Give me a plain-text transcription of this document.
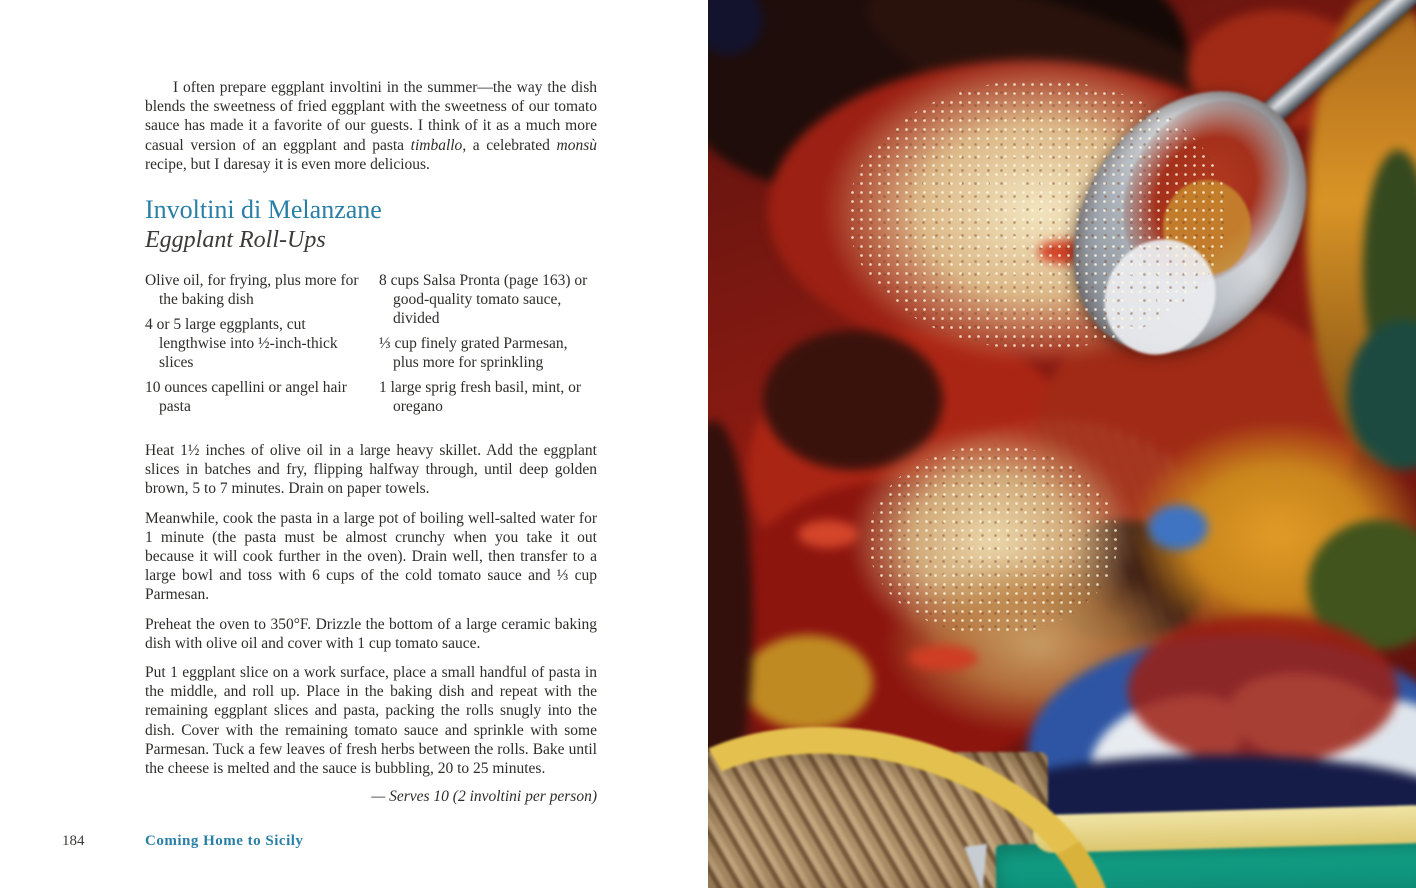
I often prepare eggplant involtini in the summer—the way the dish blends the sweetness of fried eggplant with the sweetness of our tomato sauce has made it a favorite of our guests. I think of it as a much more casual version of an eggplant and pasta timballo, a celebrated monsù recipe, but I daresay it is even more delicious.

Involtini di Melanzane
Eggplant Roll-Ups

Olive oil, for frying, plus more for the baking dish

4 or 5 large eggplants, cut lengthwise into ½-inch-thick slices

10 ounces capellini or angel hair pasta

8 cups Salsa Pronta (page 163) or good-quality tomato sauce, divided

⅓ cup finely grated Parmesan, plus more for sprinkling

1 large sprig fresh basil, mint, or oregano

Heat 1½ inches of olive oil in a large heavy skillet. Add the eggplant slices in batches and fry, flipping halfway through, until deep golden brown, 5 to 7 minutes. Drain on paper towels.

Meanwhile, cook the pasta in a large pot of boiling well-salted water for 1 minute (the pasta must be almost crunchy when you take it out because it will cook further in the oven). Drain well, then transfer to a large bowl and toss with 6 cups of the cold tomato sauce and ⅓ cup Parmesan.

Preheat the oven to 350°F. Drizzle the bottom of a large ceramic baking dish with olive oil and cover with 1 cup tomato sauce.

Put 1 eggplant slice on a work surface, place a small handful of pasta in the middle, and roll up. Place in the baking dish and repeat with the remaining eggplant slices and pasta, packing the rolls snugly into the dish. Cover with the remaining tomato sauce and sprinkle with some Parmesan. Tuck a few leaves of fresh herbs between the rolls. Bake until the cheese is melted and the sauce is bubbling, 20 to 25 minutes.

— Serves 10 (2 involtini per person)

184	Coming Home to Sicily
